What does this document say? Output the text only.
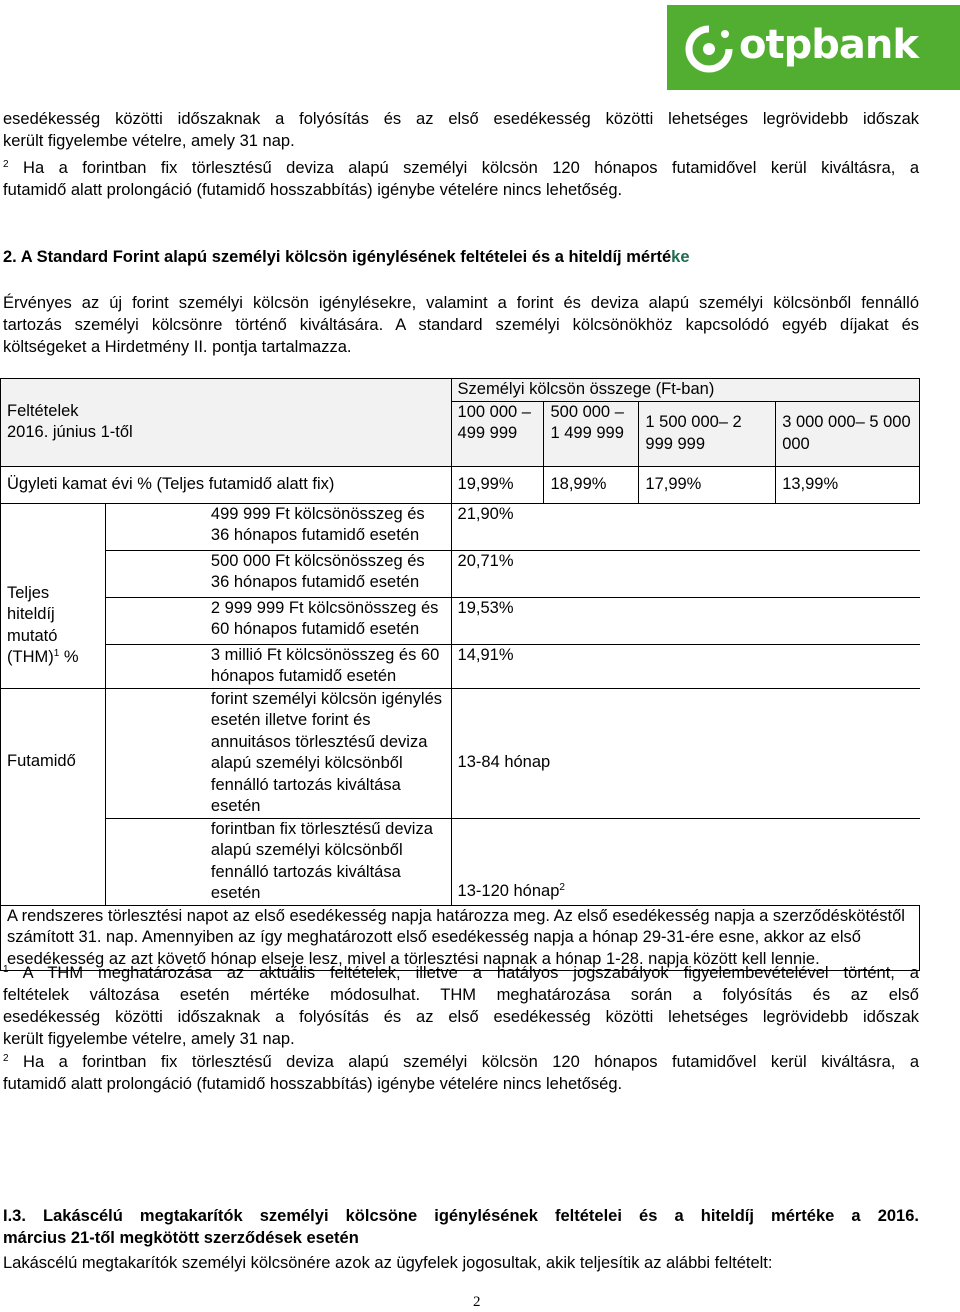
otpbank
esedékesség közötti időszaknak a folyósítás és az első esedékesség közötti lehetséges legrövidebb időszak
került figyelembe vételre, amely 31 nap.
$^2$ Ha a forintban fix törlesztésű deviza alapú személyi kölcsön 120 hónapos futamidővel kerül kiváltásra, a
futamidő alatt prolongáció (futamidő hosszabbítás) igénybe vételére nincs lehetőség.
2. A Standard Forint alapú személyi kölcsön igénylésének feltételei és a hiteldíj mértéke
Érvényes az új forint személyi kölcsön igénylésekre, valamint a forint és deviza alapú személyi kölcsönből fennálló
tartozás személyi kölcsönre történő kiváltására. A standard személyi kölcsönökhöz kapcsolódó egyéb díjakat és
költségeket a Hirdetmény II. pontja tartalmazza.
Feltételek
2016. június 1-től		Személyi kölcsön összege (Ft-ban)			
		100 000 – 499 999	500 000 – 1 499 999	1 500 000– 2 999 999	3 000 000– 5 000 000
Ügyleti kamat évi % (Teljes futamidő alatt fix)		19,99%	18,99%	17,99%	13,99%
Teljes hiteldíj mutató (THM)$^1$ %	499 999 Ft kölcsönösszeg és 36 hónapos futamidő esetén	21,90%			
	500 000 Ft kölcsönösszeg és 36 hónapos futamidő esetén	20,71%			
	2 999 999 Ft kölcsönösszeg és 60 hónapos futamidő esetén	19,53%			
	3 millió Ft kölcsönösszeg és 60 hónapos futamidő esetén	14,91%			
Futamidő	forint személyi kölcsön igénylés esetén illetve forint és annuitásos törlesztésű deviza alapú személyi kölcsönből fennálló tartozás kiváltása esetén	13-84 hónap			
	forintban fix törlesztésű deviza alapú személyi kölcsönből fennálló tartozás kiváltása esetén	13-120 hónap$^2$
A rendszeres törlesztési napot az első esedékesség napja határozza meg. Az első esedékesség napja a szerződéskötéstől számított 31. nap. Amennyiben az így meghatározott első esedékesség napja a hónap 29-31-ére esne, akkor az első esedékesség az azt követő hónap elseje lesz, mivel a törlesztési napnak a hónap 1-28. napja között kell lennie.					
$^1$ A THM meghatározása az aktuális feltételek, illetve a hatályos jogszabályok figyelembevételével történt, a
feltételek változása esetén mértéke módosulhat. THM meghatározása során a folyósítás és az első
esedékesség közötti időszaknak a folyósítás és az első esedékesség közötti lehetséges legrövidebb időszak
került figyelembe vételre, amely 31 nap.
$^2$ Ha a forintban fix törlesztésű deviza alapú személyi kölcsön 120 hónapos futamidővel kerül kiváltásra, a
futamidő alatt prolongáció (futamidő hosszabbítás) igénybe vételére nincs lehetőség.
I.3. Lakáscélú megtakarítók személyi kölcsöne igénylésének feltételei és a hiteldíj mértéke a 2016.
március 21-től megkötött szerződések esetén
Lakáscélú megtakarítók személyi kölcsönére azok az ügyfelek jogosultak, akik teljesítik az alábbi feltételt:
2
